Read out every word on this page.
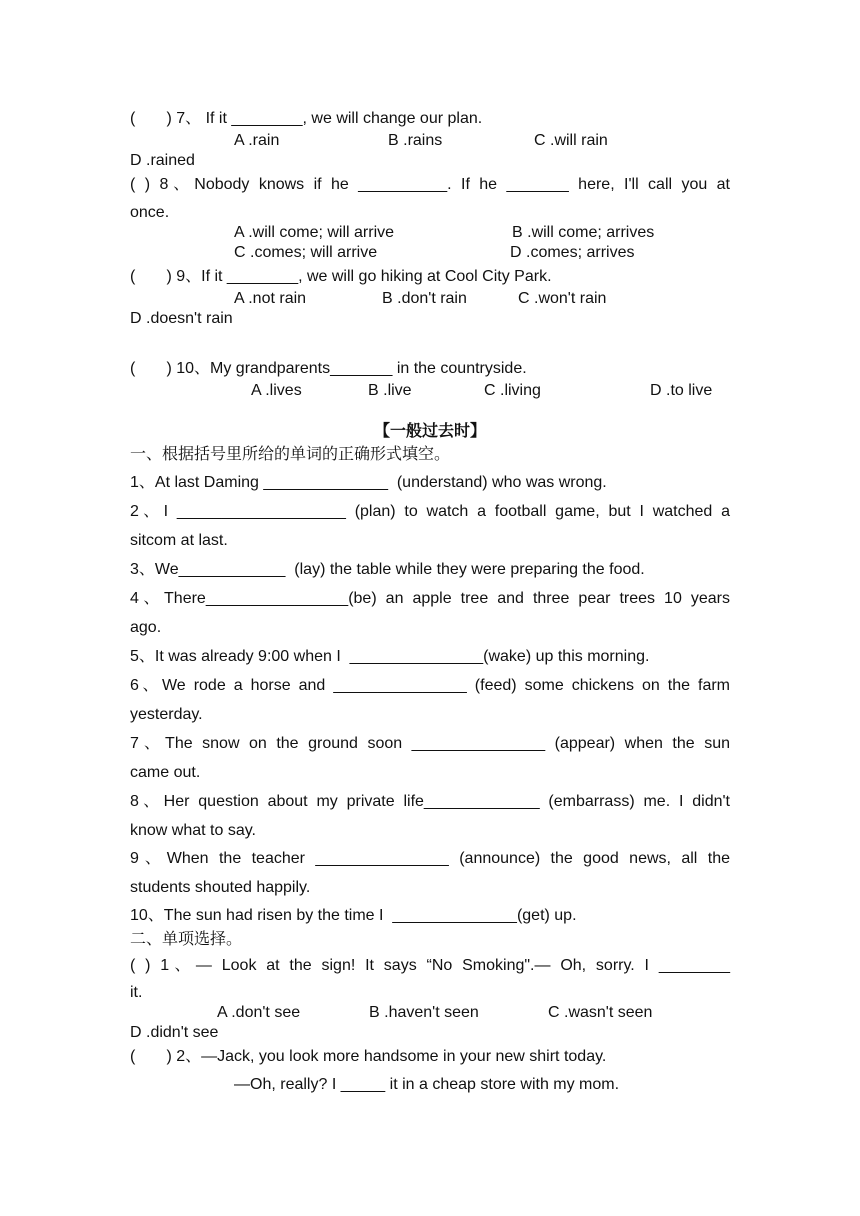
(       ) 7、 If it ________, we will change our plan.
A .rain	B .rains	C .will rain
D .rained
( ) 8、Nobody knows if he __________. If he _______ here, I'll call you at
once.
A .will come; will arrive	B .will come; arrives
C .comes; will arrive	D .comes; arrives
(       ) 9、If it ________, we will go hiking at Cool City Park.
A .not rain	B .don't rain	C .won't rain
D .doesn't rain
(       ) 10、My grandparents_______ in the countryside.
A .lives	B .live	C .living	D .to live
【一般过去时】
一、根据括号里所给的单词的正确形式填空。
1、At last Daming ______________  (understand) who was wrong.
2、I ___________________ (plan) to watch a football game, but I watched a
sitcom at last.
3、We____________  (lay) the table while they were preparing the food.
4、There________________(be) an apple tree and three pear trees 10 years
ago.
5、It was already 9:00 when I  _______________(wake) up this morning.
6、We rode a horse and _______________ (feed) some chickens on the farm
yesterday.
7、The snow on the ground soon _______________ (appear) when the sun
came out.
8、Her question about my private life_____________ (embarrass) me. I didn't
know what to say.
9、When the teacher _______________ (announce) the good news, all the
students shouted happily.
10、The sun had risen by the time I  ______________(get) up.
二、单项选择。
( ) 1、— Look at the sign! It says “No Smoking".— Oh, sorry. I ________
it.
A .don't see	B .haven't seen	C .wasn't seen
D .didn't see
(       ) 2、—Jack, you look more handsome in your new shirt today.
—Oh, really? I _____ it in a cheap store with my mom.
